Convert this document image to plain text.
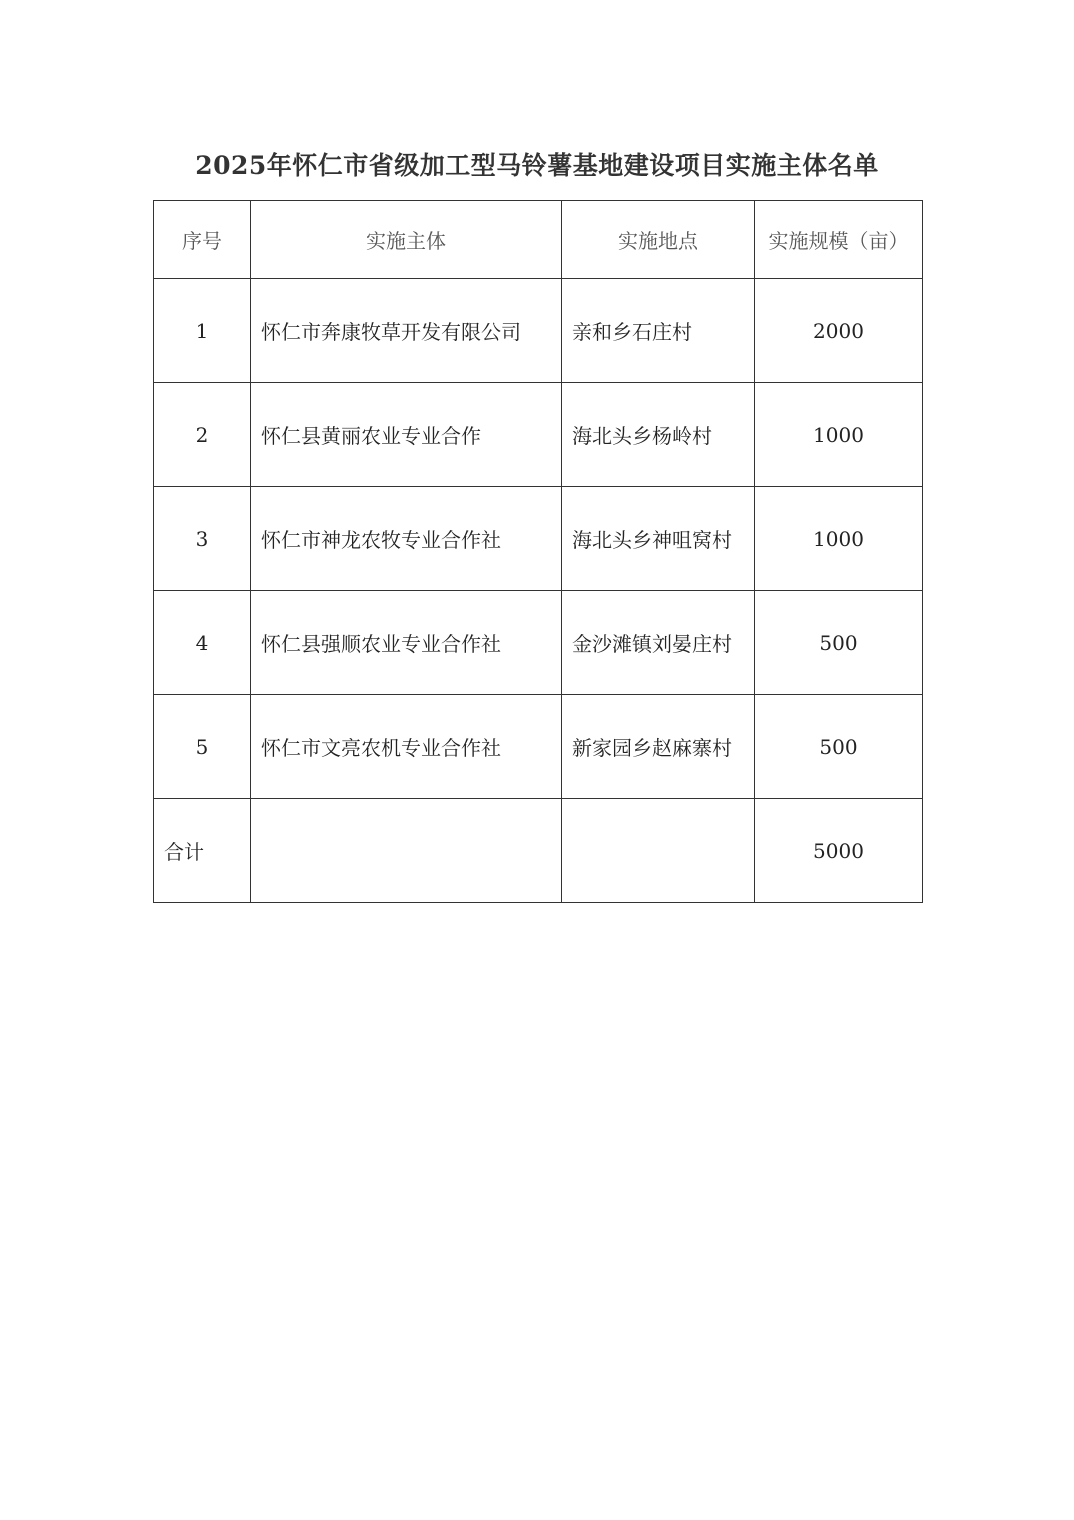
2025年怀仁市省级加工型马铃薯基地建设项目实施主体名单
序号	实施主体	实施地点	实施规模（亩）
1	怀仁市奔康牧草开发有限公司	亲和乡石庄村	2000
2	怀仁县黄丽农业专业合作	海北头乡杨岭村	1000
3	怀仁市神龙农牧专业合作社	海北头乡神咀窝村	1000
4	怀仁县强顺农业专业合作社	金沙滩镇刘晏庄村	500
5	怀仁市文亮农机专业合作社	新家园乡赵麻寨村	500
合计			5000
